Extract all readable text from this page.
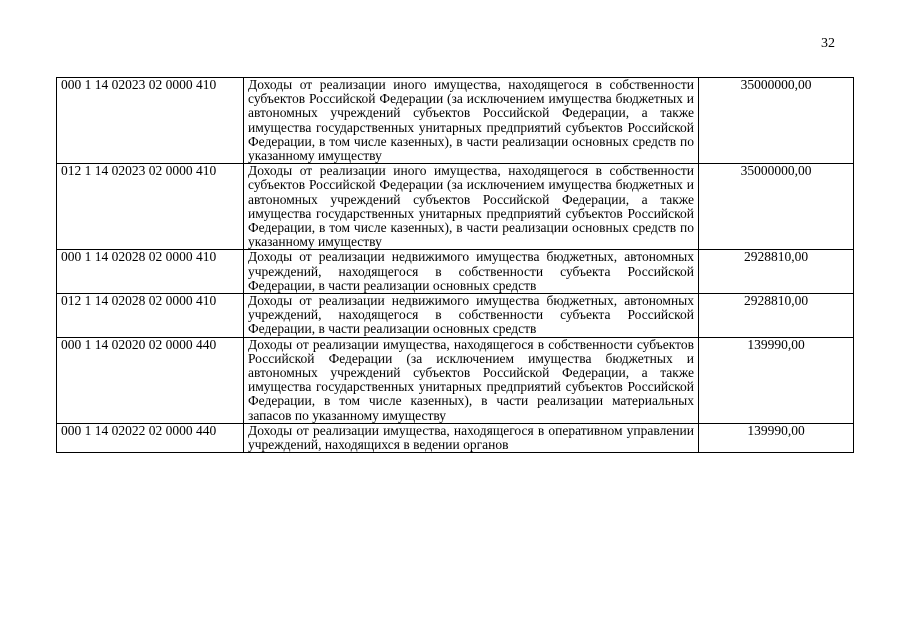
32
000 1 14 02023 02 0000 410	Доходы от реализации иного имущества, находящегося в собственности субъектов Российской Федерации (за исключением имущества бюджетных и автономных учреждений субъектов Российской Федерации, а также имущества государственных унитарных предприятий субъектов Российской Федерации, в том числе казенных), в части реализации основных средств по указанному имуществу	35000000,00
012 1 14 02023 02 0000 410	Доходы от реализации иного имущества, находящегося в собственности субъектов Российской Федерации (за исключением имущества бюджетных и автономных учреждений субъектов Российской Федерации, а также имущества государственных унитарных предприятий субъектов Российской Федерации, в том числе казенных), в части реализации основных средств по указанному имуществу	35000000,00
000 1 14 02028 02 0000 410	Доходы от реализации недвижимого имущества бюджетных, автономных учреждений, находящегося в собственности субъекта Российской Федерации, в части реализации основных средств	2928810,00
012 1 14 02028 02 0000 410	Доходы от реализации недвижимого имущества бюджетных, автономных учреждений, находящегося в собственности субъекта Российской Федерации, в части реализации основных средств	2928810,00
000 1 14 02020 02 0000 440	Доходы от реализации имущества, находящегося в собственности субъектов Российской Федерации (за исключением имущества бюджетных и автономных учреждений субъектов Российской Федерации, а также имущества государственных унитарных предприятий субъектов Российской Федерации, в том числе казенных), в части реализации материальных запасов по указанному имуществу	139990,00
000 1 14 02022 02 0000 440	Доходы от реализации имущества, находящегося в оперативном управлении учреждений, находящихся в ведении органов	139990,00
